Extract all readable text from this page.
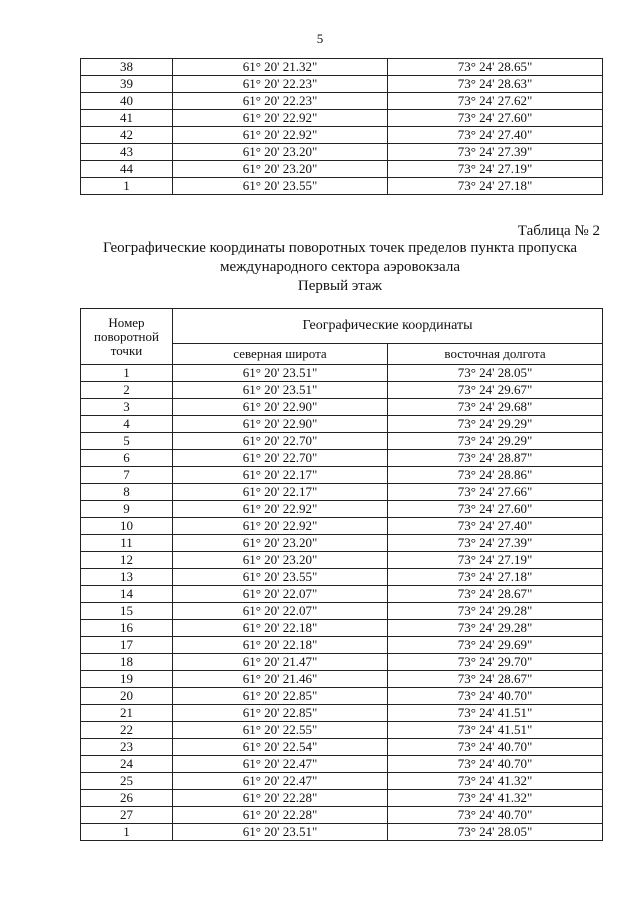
5
38	61° 20' 21.32"	73° 24' 28.65"
39	61° 20' 22.23"	73° 24' 28.63"
40	61° 20' 22.23"	73° 24' 27.62"
41	61° 20' 22.92"	73° 24' 27.60"
42	61° 20' 22.92"	73° 24' 27.40"
43	61° 20' 23.20"	73° 24' 27.39"
44	61° 20' 23.20"	73° 24' 27.19"
1	61° 20' 23.55"	73° 24' 27.18"
Таблица № 2
Географические координаты поворотных точек пределов пункта пропуска
международного сектора аэровокзала
Первый этаж
Номер поворотной точки	Географические координаты	
	северная широта	восточная долгота
1	61° 20' 23.51"	73° 24' 28.05"
2	61° 20' 23.51"	73° 24' 29.67"
3	61° 20' 22.90"	73° 24' 29.68"
4	61° 20' 22.90"	73° 24' 29.29"
5	61° 20' 22.70"	73° 24' 29.29"
6	61° 20' 22.70"	73° 24' 28.87"
7	61° 20' 22.17"	73° 24' 28.86"
8	61° 20' 22.17"	73° 24' 27.66"
9	61° 20' 22.92"	73° 24' 27.60"
10	61° 20' 22.92"	73° 24' 27.40"
11	61° 20' 23.20"	73° 24' 27.39"
12	61° 20' 23.20"	73° 24' 27.19"
13	61° 20' 23.55"	73° 24' 27.18"
14	61° 20' 22.07"	73° 24' 28.67"
15	61° 20' 22.07"	73° 24' 29.28"
16	61° 20' 22.18"	73° 24' 29.28"
17	61° 20' 22.18"	73° 24' 29.69"
18	61° 20' 21.47"	73° 24' 29.70"
19	61° 20' 21.46"	73° 24' 28.67"
20	61° 20' 22.85"	73° 24' 40.70"
21	61° 20' 22.85"	73° 24' 41.51"
22	61° 20' 22.55"	73° 24' 41.51"
23	61° 20' 22.54"	73° 24' 40.70"
24	61° 20' 22.47"	73° 24' 40.70"
25	61° 20' 22.47"	73° 24' 41.32"
26	61° 20' 22.28"	73° 24' 41.32"
27	61° 20' 22.28"	73° 24' 40.70"
1	61° 20' 23.51"	73° 24' 28.05"
